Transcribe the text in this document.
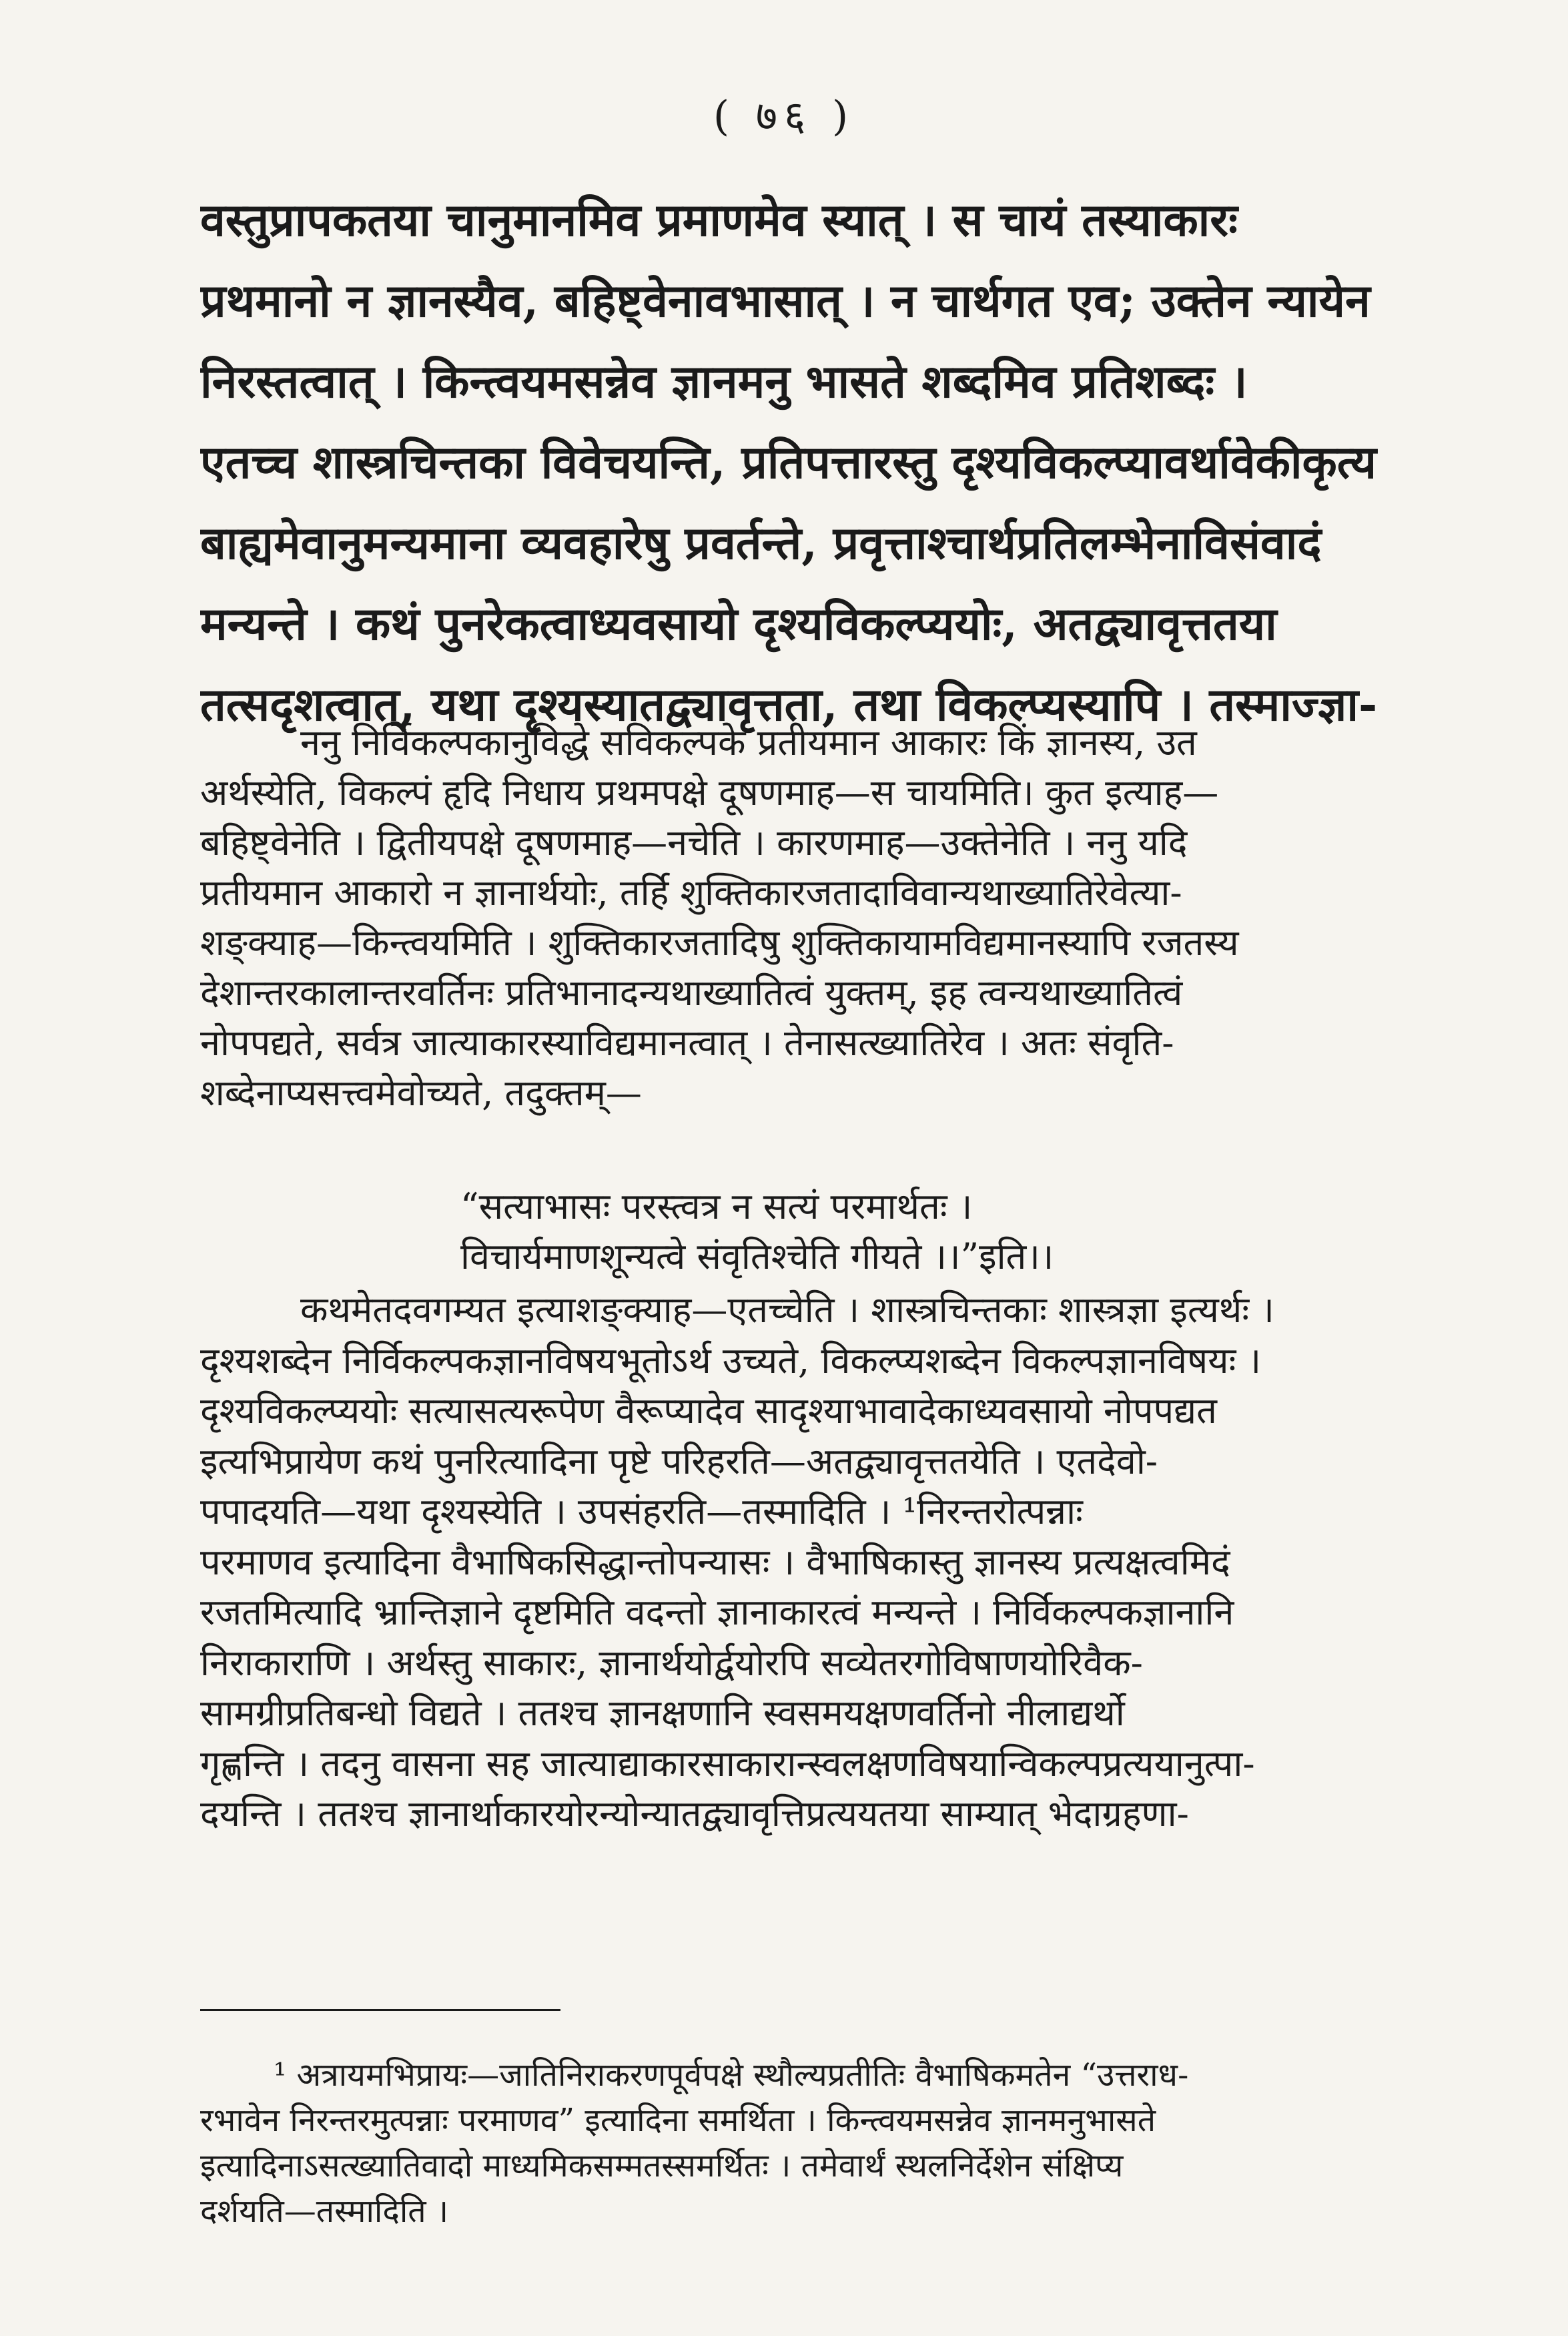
( ७६ )
वस्तुप्रापकतया चानुमानमिव प्रमाणमेव स्यात् । स चायं तस्याकारः
प्रथमानो न ज्ञानस्यैव, बहिष्ट्वेनावभासात् । न चार्थगत एव; उक्तेन न्यायेन
निरस्तत्वात् । किन्त्वयमसन्नेव ज्ञानमनु भासते शब्दमिव प्रतिशब्दः ।
एतच्च शास्त्रचिन्तका विवेचयन्ति, प्रतिपत्तारस्तु दृश्यविकल्प्यावर्थावेकीकृत्य
बाह्यमेवानुमन्यमाना व्यवहारेषु प्रवर्तन्ते, प्रवृत्ताश्चार्थप्रतिलम्भेनाविसंवादं
मन्यन्ते । कथं पुनरेकत्वाध्यवसायो दृश्यविकल्प्ययोः, अतद्व्यावृत्ततया
तत्सदृशत्वात्, यथा दृश्यस्यातद्व्यावृत्तता, तथा विकल्प्यस्यापि । तस्माज्ज्ञा-
ननु निर्विकल्पकानुविद्धे सविकल्पके प्रतीयमान आकारः किं ज्ञानस्य, उत
अर्थस्येति, विकल्पं हृदि निधाय प्रथमपक्षे दूषणमाह—स चायमिति। कुत इत्याह—
बहिष्ट्वेनेति । द्वितीयपक्षे दूषणमाह—नचेति । कारणमाह—उक्तेनेति । ननु यदि
प्रतीयमान आकारो न ज्ञानार्थयोः, तर्हि शुक्तिकारजतादाविवान्यथाख्यातिरेवेत्या-
शङ्क्याह—किन्त्वयमिति । शुक्तिकारजतादिषु शुक्तिकायामविद्यमानस्यापि रजतस्य
देशान्तरकालान्तरवर्तिनः प्रतिभानादन्यथाख्यातित्वं युक्तम्, इह त्वन्यथाख्यातित्वं
नोपपद्यते, सर्वत्र जात्याकारस्याविद्यमानत्वात् । तेनासत्ख्यातिरेव । अतः संवृति-
शब्देनाप्यसत्त्वमेवोच्यते, तदुक्तम्—
“सत्याभासः परस्त्वत्र न सत्यं परमार्थतः ।
विचार्यमाणशून्यत्वे संवृतिश्चेति गीयते ।।”इति।।
कथमेतदवगम्यत इत्याशङ्क्याह—एतच्चेति । शास्त्रचिन्तकाः शास्त्रज्ञा इत्यर्थः ।
दृश्यशब्देन निर्विकल्पकज्ञानविषयभूतोऽर्थ उच्यते, विकल्प्यशब्देन विकल्पज्ञानविषयः ।
दृश्यविकल्प्ययोः सत्यासत्यरूपेण वैरूप्यादेव सादृश्याभावादेकाध्यवसायो नोपपद्यत
इत्यभिप्रायेण कथं पुनरित्यादिना पृष्टे परिहरति—अतद्व्यावृत्ततयेति । एतदेवो-
पपादयति—यथा दृश्यस्येति । उपसंहरति—तस्मादिति । ¹निरन्तरोत्पन्नाः
परमाणव इत्यादिना वैभाषिकसिद्धान्तोपन्यासः । वैभाषिकास्तु ज्ञानस्य प्रत्यक्षत्वमिदं
रजतमित्यादि भ्रान्तिज्ञाने दृष्टमिति वदन्तो ज्ञानाकारत्वं मन्यन्ते । निर्विकल्पकज्ञानानि
निराकाराणि । अर्थस्तु साकारः, ज्ञानार्थयोर्द्वयोरपि सव्येतरगोविषाणयोरिवैक-
सामग्रीप्रतिबन्धो विद्यते । ततश्च ज्ञानक्षणानि स्वसमयक्षणवर्तिनो नीलाद्यर्थो
गृह्णन्ति । तदनु वासना सह जात्याद्याकारसाकारान्स्वलक्षणविषयान्विकल्पप्रत्ययानुत्पा-
दयन्ति । ततश्च ज्ञानार्थाकारयोरन्योन्यातद्व्यावृत्तिप्रत्ययतया साम्यात् भेदाग्रहणा-
¹ अत्रायमभिप्रायः—जातिनिराकरणपूर्वपक्षे स्थौल्यप्रतीतिः वैभाषिकमतेन “उत्तराध-
रभावेन निरन्तरमुत्पन्नाः परमाणव” इत्यादिना समर्थिता । किन्त्वयमसन्नेव ज्ञानमनुभासते
इत्यादिनाऽसत्ख्यातिवादो माध्यमिकसम्मतस्समर्थितः । तमेवार्थं स्थलनिर्देशेन संक्षिप्य
दर्शयति—तस्मादिति ।
